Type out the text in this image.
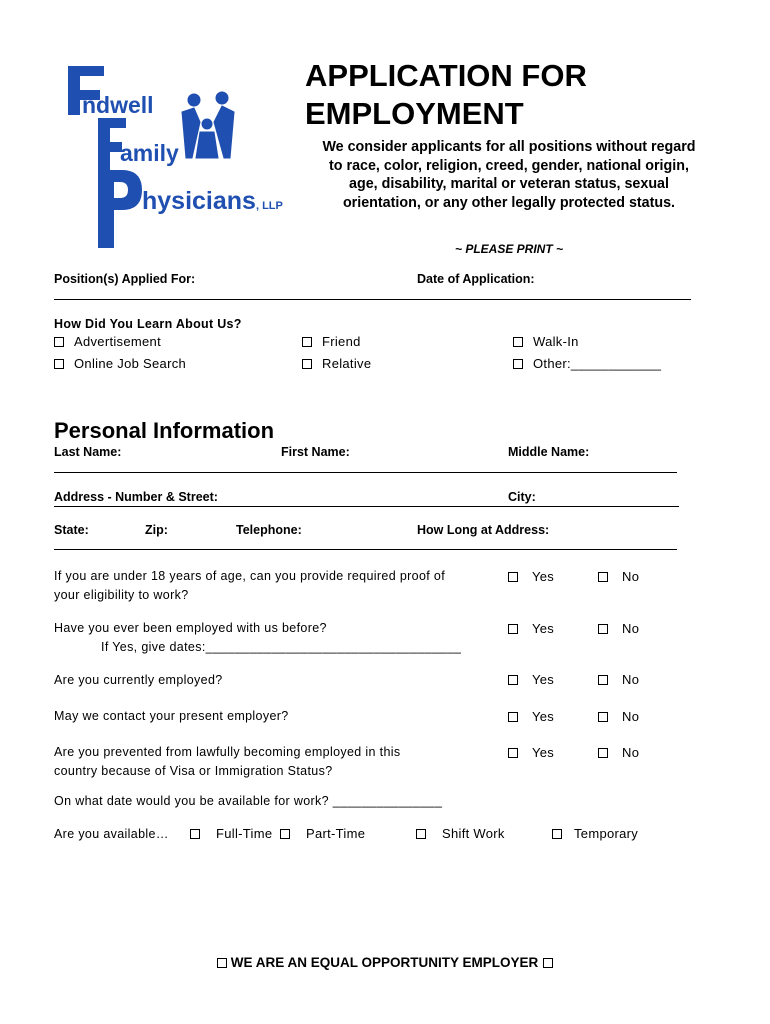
ndwell
amily
hysicians, LLP
APPLICATION FOR
EMPLOYMENT
We consider applicants for all positions without regard
to race, color, religion, creed, gender, national origin,
age, disability, marital or veteran status, sexual
orientation, or any other legally protected status.
~ PLEASE PRINT ~
Position(s) Applied For:	Date of Application:
How Did You Learn About Us?
Advertisement	Friend	Walk-In
Online Job Search	Relative	Other:____________
Personal Information
Last Name:	First Name:	Middle Name:
Address - Number & Street:	City:
State:	Zip:	Telephone:	How Long at Address:
If you are under 18 years of age, can you provide required proof of
your eligibility to work?
Yes	No
Have you ever been employed with us before?	Yes	No
If Yes, give dates:___________________________________
Are you currently employed?	Yes	No
May we contact your present employer?	Yes	No
Are you prevented from lawfully becoming employed in this
country because of Visa or Immigration Status?
Yes	No
On what date would you be available for work? _______________
Are you available…	Full-Time	Part-Time	Shift Work	Temporary
WE ARE AN EQUAL OPPORTUNITY EMPLOYER
